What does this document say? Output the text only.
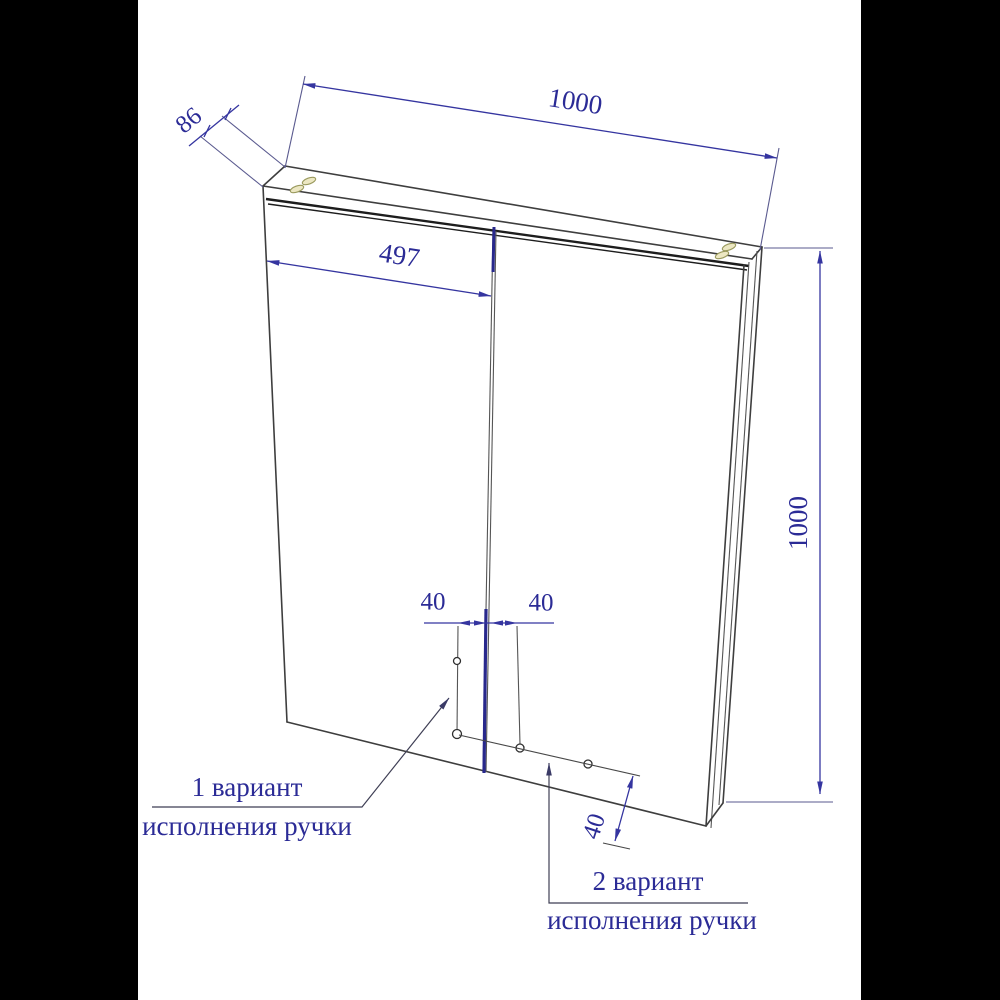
1000
86
497
1000
40	40
40
1 вариант
исполнения ручки
2 вариант
исполнения ручки
